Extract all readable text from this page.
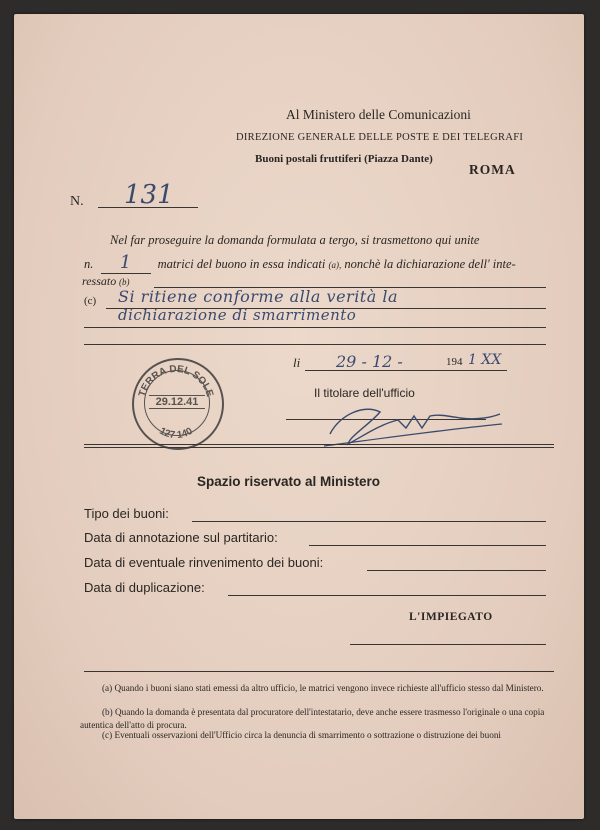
Al Ministero delle Comunicazioni
DIREZIONE GENERALE DELLE POSTE E DEI TELEGRAFI
Buoni postali fruttiferi (Piazza Dante)
ROMA
N. 131
Nel far proseguire la domanda formulata a tergo, si trasmettono qui unite
n. 1 matrici del buono in essa indicati (a), nonchè la dichiarazione dell' inte-
ressato (b)
(c) Si ritiene conforme alla verità la
dichiarazione di smarrimento
TERRA DEL SOLE
127 140
29.12.41
li 29 - 12 -	194 1 XX
Il titolare dell'ufficio
Spazio riservato al Ministero
Tipo dei buoni:
Data di annotazione sul partitario:
Data di eventuale rinvenimento dei buoni:
Data di duplicazione:
L'IMPIEGATO
(a) Quando i buoni siano stati emessi da altro ufficio, le matrici vengono invece richieste all'ufficio stesso dal Ministero.
(b) Quando la domanda è presentata dal procuratore dell'intestatario, deve anche essere trasmesso l'originale o una copia autentica dell'atto di procura.
(c) Eventuali osservazioni dell'Ufficio circa la denuncia di smarrimento o sottrazione o distruzione dei buoni
